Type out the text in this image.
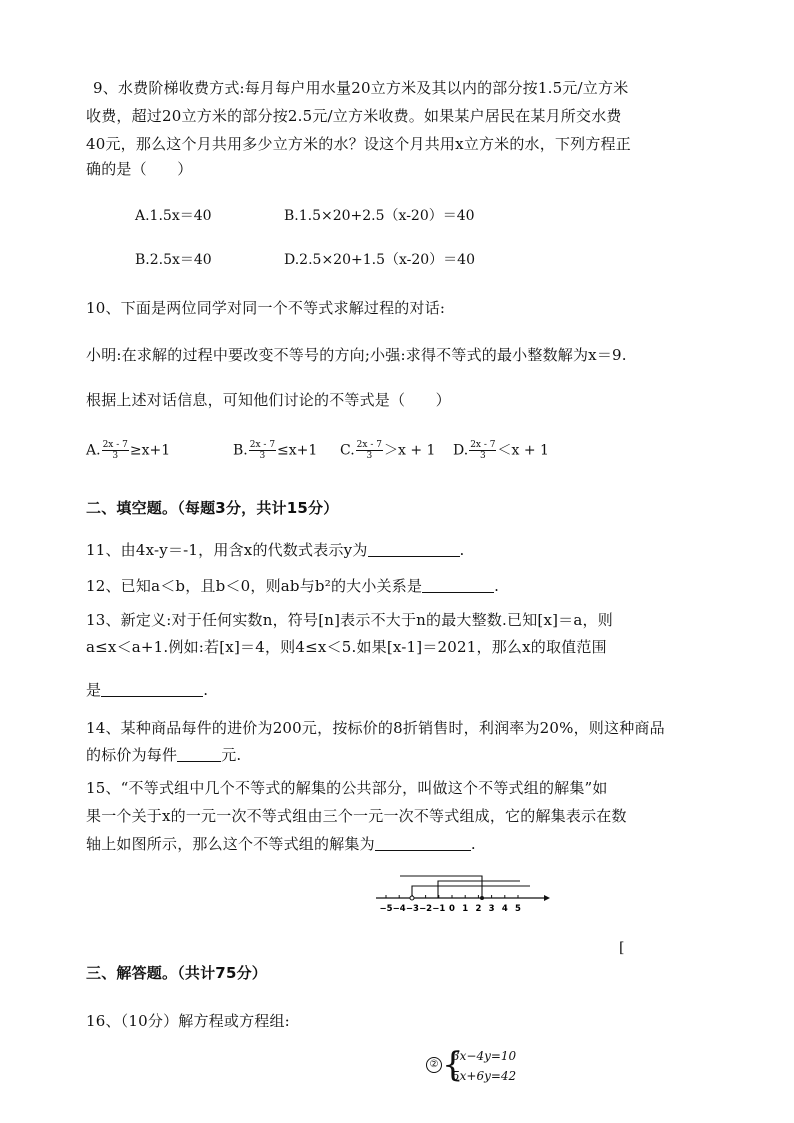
9、水费阶梯收费方式:每月每户用水量20立方米及其以内的部分按1.5元/立方米
收费，超过20立方米的部分按2.5元/立方米收费。如果某户居民在某月所交水费
40元，那么这个月共用多少立方米的水？设这个月共用x立方米的水，下列方程正
确的是（　　）
A.1.5x＝40	B.1.5×20+2.5（x-20）＝40
B.2.5x＝40	D.2.5×20+1.5（x-20）＝40
10、下面是两位同学对同一个不等式求解过程的对话:
小明:在求解的过程中要改变不等号的方向;小强:求得不等式的最小整数解为x＝9.
根据上述对话信息，可知他们讨论的不等式是（　　）
A. $\frac{2x - 7}{3} \ge x+1$	B. $\frac{2x - 7}{3} \le x+1$ C. $\frac{2x - 7}{3} >x + 1$ D. $\frac{2x - 7}{3} <x + 1$
二、填空题。（每题3分，共计15分）
11、由4x-y＝-1，用含x的代数式表示y为	.
12、已知a＜b，且b＜0，则ab与b²的大小关系是	.
13、新定义:对于任何实数n，符号[n]表示不大于n的最大整数.已知[x]＝a，则
a≤x＜a+1.例如:若[x]＝4，则4≤x＜5.如果[x-1]＝2021，那么x的取值范围
是	.
14、某种商品每件的进价为200元，按标价的8折销售时，利润率为20%，则这种商品
的标价为每件	元.
15、“不等式组中几个不等式的解集的公共部分，叫做这个不等式组的解集”如
果一个关于x的一元一次不等式组由三个一元一次不等式组成，它的解集表示在数
轴上如图所示，那么这个不等式组的解集为	.
−5 −4 −3 −2 −1 0 1 2 3 4 5
[
三、解答题。（共计75分）
16、（10分）解方程或方程组:
② {
3x−4y=10
5x+6y=42
